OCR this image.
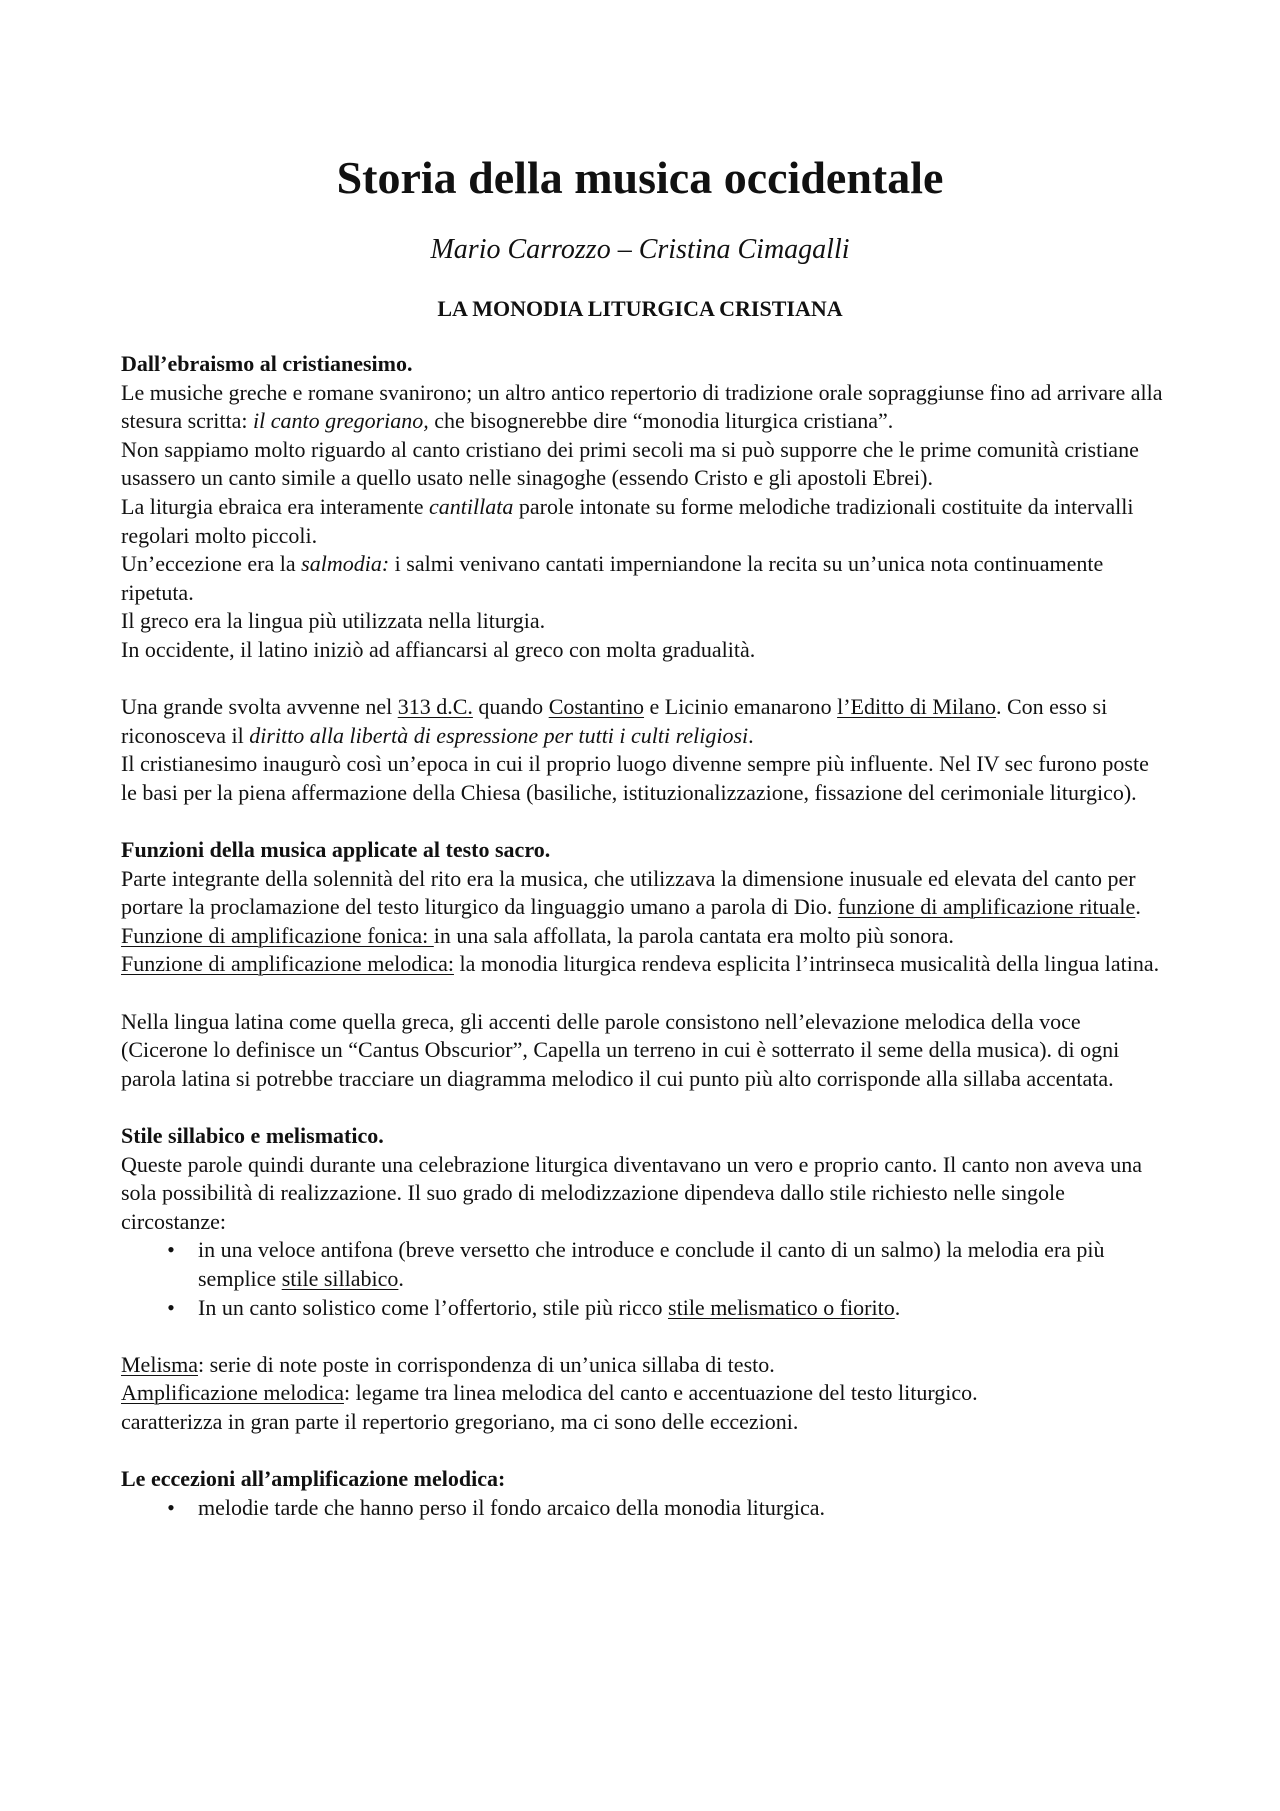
Storia della musica occidentale
Mario Carrozzo – Cristina Cimagalli
LA MONODIA LITURGICA CRISTIANA
Dall’ebraismo al cristianesimo.

Le musiche greche e romane svanirono; un altro antico repertorio di tradizione orale sopraggiunse fino ad arrivare alla stesura scritta: il canto gregoriano, che bisognerebbe dire “monodia liturgica cristiana”.

Non sappiamo molto riguardo al canto cristiano dei primi secoli ma si può supporre che le prime comunità cristiane usassero un canto simile a quello usato nelle sinagoghe (essendo Cristo e gli apostoli Ebrei).

La liturgia ebraica era interamente cantillata parole intonate su forme melodiche tradizionali costituite da intervalli regolari molto piccoli.

Un’eccezione era la salmodia: i salmi venivano cantati imperniandone la recita su un’unica nota continuamente ripetuta.

Il greco era la lingua più utilizzata nella liturgia.

In occidente, il latino iniziò ad affiancarsi al greco con molta gradualità.

Una grande svolta avvenne nel 313 d.C. quando Costantino e Licinio emanarono l’Editto di Milano. Con esso si riconosceva il diritto alla libertà di espressione per tutti i culti religiosi.

Il cristianesimo inaugurò così un’epoca in cui il proprio luogo divenne sempre più influente. Nel IV sec furono poste le basi per la piena affermazione della Chiesa (basiliche, istituzionalizzazione, fissazione del cerimoniale liturgico).

Funzioni della musica applicate al testo sacro.

Parte integrante della solennità del rito era la musica, che utilizzava la dimensione inusuale ed elevata del canto per portare la proclamazione del testo liturgico da linguaggio umano a parola di Dio. funzione di amplificazione rituale.

Funzione di amplificazione fonica: in una sala affollata, la parola cantata era molto più sonora.

Funzione di amplificazione melodica: la monodia liturgica rendeva esplicita l’intrinseca musicalità della lingua latina.

Nella lingua latina come quella greca, gli accenti delle parole consistono nell’elevazione melodica della voce (Cicerone lo definisce un “Cantus Obscurior”, Capella un terreno in cui è sotterrato il seme della musica). di ogni parola latina si potrebbe tracciare un diagramma melodico il cui punto più alto corrisponde alla sillaba accentata.

Stile sillabico e melismatico.

Queste parole quindi durante una celebrazione liturgica diventavano un vero e proprio canto. Il canto non aveva una sola possibilità di realizzazione. Il suo grado di melodizzazione dipendeva dallo stile richiesto nelle singole circostanze:

• in una veloce antifona (breve versetto che introduce e conclude il canto di un salmo) la melodia era più semplice stile sillabico.
• In un canto solistico come l’offertorio, stile più ricco stile melismatico o fiorito.

Melisma: serie di note poste in corrispondenza di un’unica sillaba di testo.

Amplificazione melodica: legame tra linea melodica del canto e accentuazione del testo liturgico.

caratterizza in gran parte il repertorio gregoriano, ma ci sono delle eccezioni.

Le eccezioni all’amplificazione melodica:
• melodie tarde che hanno perso il fondo arcaico della monodia liturgica.
